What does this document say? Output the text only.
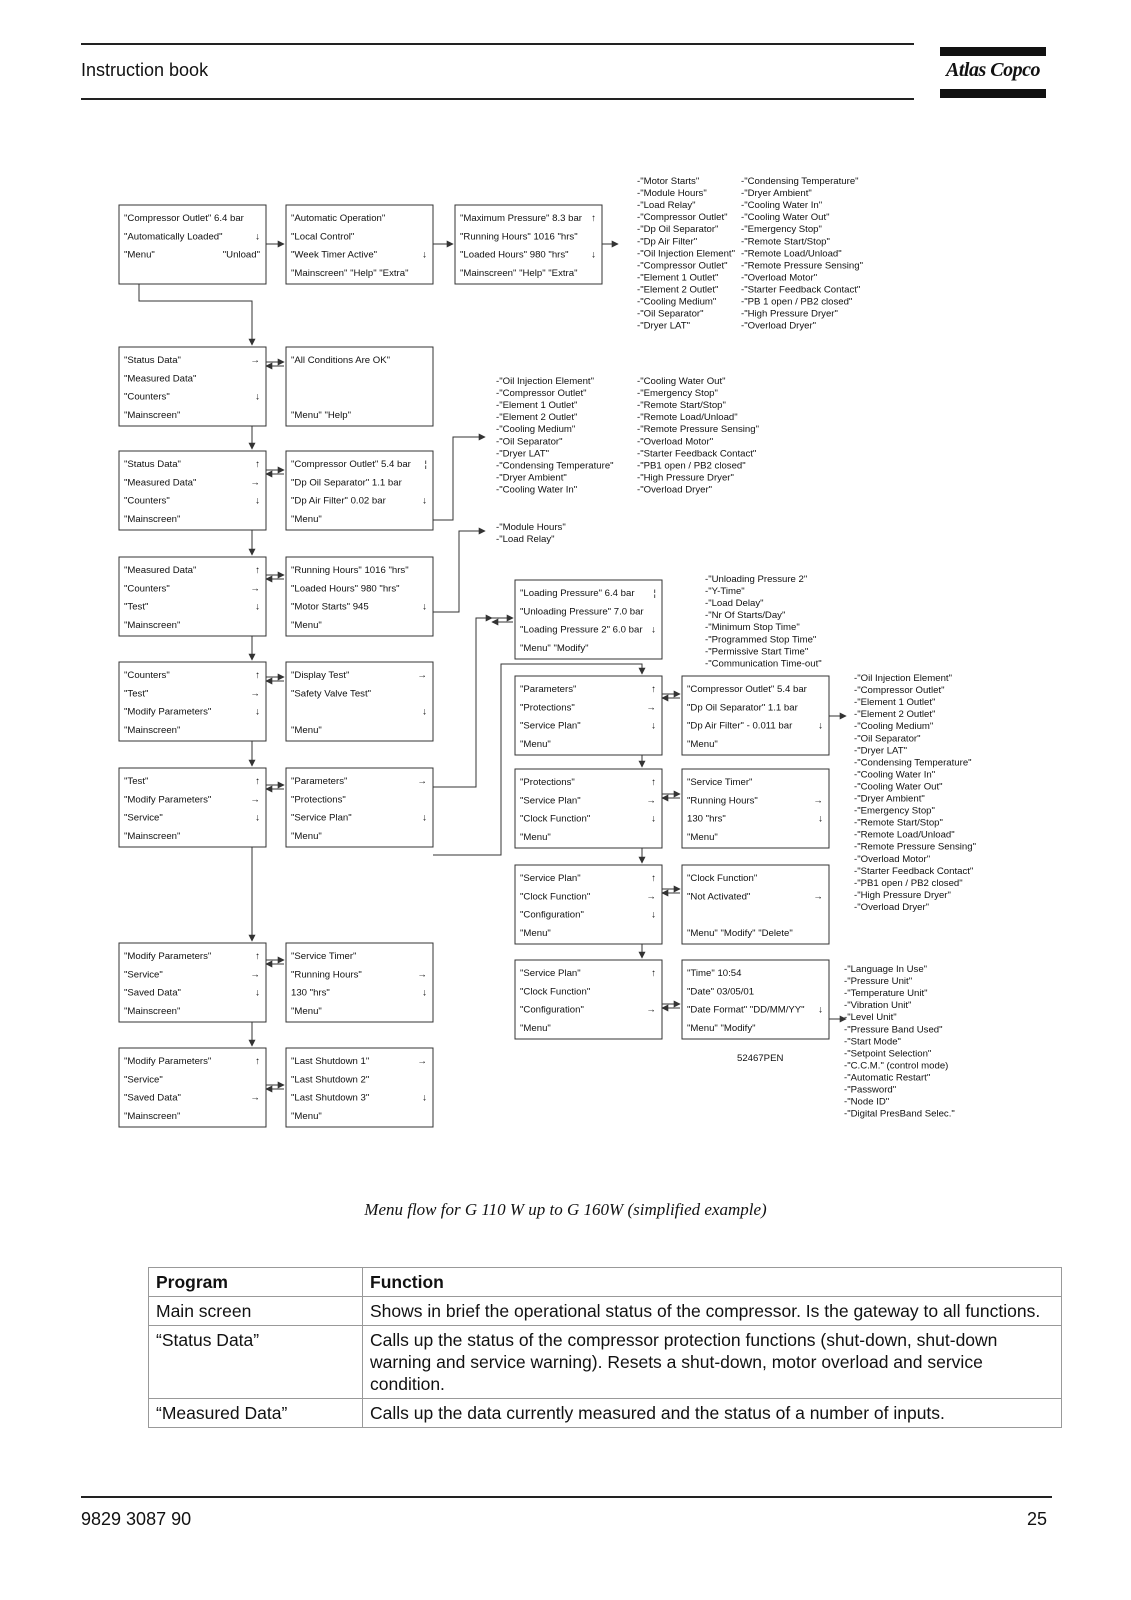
Instruction book	Atlas Copco
"Compressor Outlet" 6.4 bar
"Automatically Loaded"	↓
"Menu"	"Unload"
"Automatic Operation"
"Local Control"
"Week Timer Active"	↓
"Mainscreen" "Help" "Extra"
"Maximum Pressure" 8.3 bar ↑
"Running Hours" 1016 "hrs"
"Loaded Hours" 980 "hrs" ↓
"Mainscreen" "Help" "Extra"
"Status Data"	→
"Measured Data"
"Counters"	↓
"Mainscreen"
"All Conditions Are OK"
"Menu" "Help"
"Status Data"	↑
"Measured Data"	→
"Counters"	↓
"Mainscreen"
"Compressor Outlet" 5.4 bar ¦
"Dp Oil Separator" 1.1 bar
"Dp Air Filter" 0.02 bar	↓
"Menu"
"Measured Data"	↑
"Counters"	→
"Test"	↓
"Mainscreen"
"Running Hours" 1016 "hrs"
"Loaded Hours" 980 "hrs"
"Motor Starts" 945	↓
"Menu"
"Counters"	↑
"Test"	→
"Modify Parameters"	↓
"Mainscreen"
"Display Test"	→
"Safety Valve Test"
↓
"Menu"
"Test"	↑
"Modify Parameters"	→
"Service"	↓
"Mainscreen"
"Parameters"	→
"Protections"
"Service Plan"	↓
"Menu"
"Modify Parameters"	↑
"Service"	→
"Saved Data"	↓
"Mainscreen"
"Service Timer"
"Running Hours"	→
130 "hrs"	↓
"Menu"
"Modify Parameters"	↑
"Service"
"Saved Data"	→
"Mainscreen"
"Last Shutdown 1"	→
"Last Shutdown 2"
"Last Shutdown 3"	↓
"Menu"
"Loading Pressure" 6.4 bar ¦
"Unloading Pressure" 7.0 bar
"Loading Pressure 2" 6.0 bar ↓
"Menu" "Modify"
"Parameters"	↑
"Protections"	→
"Service Plan"	↓
"Menu"
"Compressor Outlet" 5.4 bar
"Dp Oil Separator" 1.1 bar
"Dp Air Filter" - 0.011 bar	↓
"Menu"
"Protections"	↑
"Service Plan"	→
"Clock Function"	↓
"Menu"
"Service Timer"
"Running Hours"	→
130 "hrs"	↓
"Menu"
"Service Plan"	↑
"Clock Function"	→
"Configuration"	↓
"Menu"
"Clock Function"
"Not Activated"	→
"Menu" "Modify" "Delete"
"Service Plan"	↑
"Clock Function"
"Configuration"	→
"Menu"
"Time" 10:54
"Date" 03/05/01
"Date Format" "DD/MM/YY" ↓
"Menu" "Modify"
-"Motor Starts"
-"Module Hours"
-"Load Relay"
-"Compressor Outlet"
-"Dp Oil Separator"
-"Dp Air Filter"
-"Oil Injection Element"
-"Compressor Outlet"
-"Element 1 Outlet"
-"Element 2 Outlet"
-"Cooling Medium"
-"Oil Separator"
-"Dryer LAT"
-"Condensing Temperature"
-"Dryer Ambient"
-"Cooling Water In"
-"Cooling Water Out"
-"Emergency Stop"
-"Remote Start/Stop"
-"Remote Load/Unload"
-"Remote Pressure Sensing"
-"Overload Motor"
-"Starter Feedback Contact"
-"PB 1 open / PB2 closed"
-"High Pressure Dryer"
-"Overload Dryer"
-"Oil Injection Element"
-"Compressor Outlet"
-"Element 1 Outlet"
-"Element 2 Outlet"
-"Cooling Medium"
-"Oil Separator"
-"Dryer LAT"
-"Condensing Temperature"
-"Dryer Ambient"
-"Cooling Water In"
-"Cooling Water Out"
-"Emergency Stop"
-"Remote Start/Stop"
-"Remote Load/Unload"
-"Remote Pressure Sensing"
-"Overload Motor"
-"Starter Feedback Contact"
-"PB1 open / PB2 closed"
-"High Pressure Dryer"
-"Overload Dryer"
-"Module Hours"
-"Load Relay"
-"Unloading Pressure 2"
-"Y-Time"
-"Load Delay"
-"Nr Of Starts/Day"
-"Minimum Stop Time"
-"Programmed Stop Time"
-"Permissive Start Time"
-"Communication Time-out"
-"Oil Injection Element"
-"Compressor Outlet"
-"Element 1 Outlet"
-"Element 2 Outlet"
-"Cooling Medium"
-"Oil Separator"
-"Dryer LAT"
-"Condensing Temperature"
-"Cooling Water In"
-"Cooling Water Out"
-"Dryer Ambient"
-"Emergency Stop"
-"Remote Start/Stop"
-"Remote Load/Unload"
-"Remote Pressure Sensing"
-"Overload Motor"
-"Starter Feedback Contact"
-"PB1 open / PB2 closed"
-"High Pressure Dryer"
-"Overload Dryer"
-"Language In Use"
-"Pressure Unit"
-"Temperature Unit"
-"Vibration Unit"
-"Level Unit"
-"Pressure Band Used"
-"Start Mode"
-"Setpoint Selection"
-"C.C.M." (control mode)
-"Automatic Restart"
-"Password"
-"Node ID"
-"Digital PresBand Selec."
52467PEN
Menu flow for G 110 W up to G 160W (simplified example)
Program	Function
Main screen	Shows in brief the operational status of the compressor. Is the gateway to all functions.
“Status Data”	Calls up the status of the compressor protection functions (shut-down, shut-down warning and service warning). Resets a shut-down, motor overload and service condition.
“Measured Data”	Calls up the data currently measured and the status of a number of inputs.
9829 3087 90	25
